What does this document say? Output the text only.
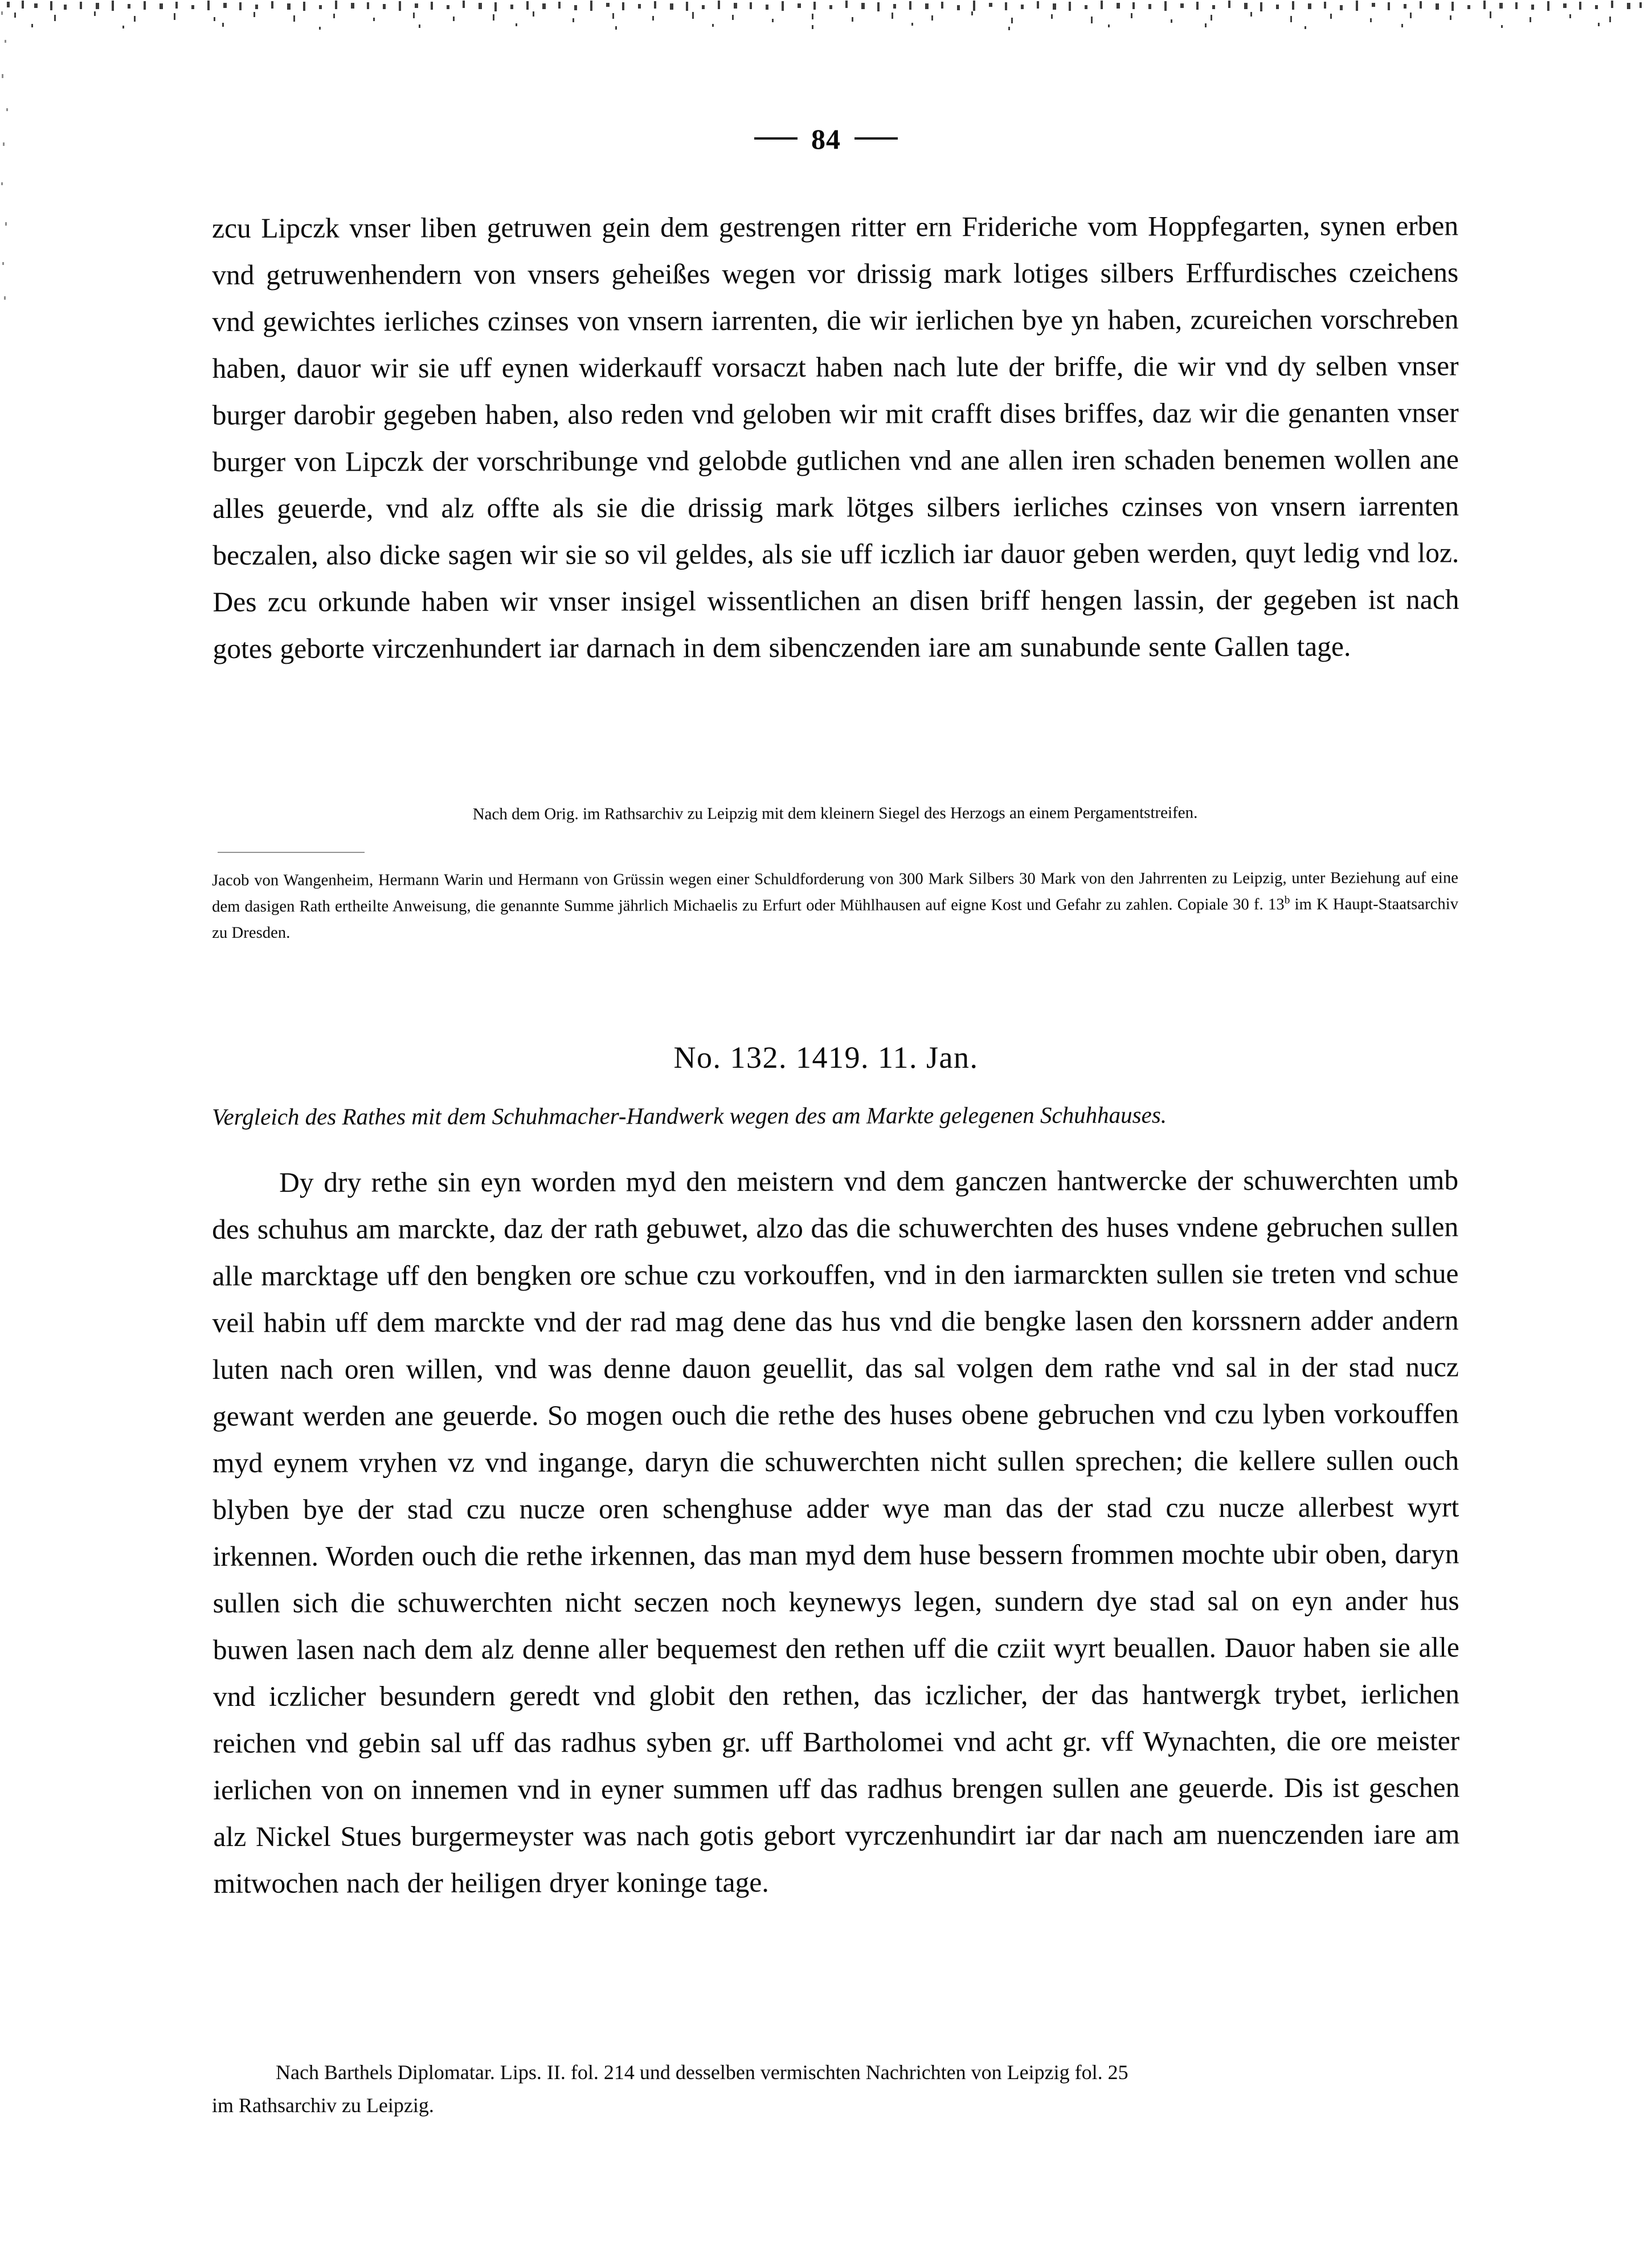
84

zcu Lipczk vnser liben getruwen gein dem gestrengen ritter ern Frideriche vom Hoppfegarten, synen erben vnd getruwenhendern von vnsers geheißes wegen vor drissig mark lotiges silbers Erffurdisches czeichens vnd gewichtes ierliches czinses von vnsern iarrenten, die wir ierlichen bye yn haben, zcureichen vorschreben haben, dauor wir sie uff eynen widerkauff vorsaczt haben nach lute der briffe, die wir vnd dy selben vnser burger darobir gegeben haben, also reden vnd geloben wir mit crafft dises briffes, daz wir die genanten vnser burger von Lipczk der vorschribunge vnd gelobde gutlichen vnd ane allen iren schaden benemen wollen ane alles geuerde, vnd alz offte als sie die drissig mark lötges silbers ierliches czinses von vnsern iarrenten beczalen, also dicke sagen wir sie so vil geldes, als sie uff iczlich iar dauor geben werden, quyt ledig vnd loz. Des zcu orkunde haben wir vnser insigel wissentlichen an disen briff hengen lassin, der gegeben ist nach gotes geborte virczenhundert iar darnach in dem sibenczenden iare am sunabunde sente Gallen tage.

Nach dem Orig. im Rathsarchiv zu Leipzig mit dem kleinern Siegel des Herzogs an einem Pergamentstreifen.
Jacob von Wangenheim, Hermann Warin und Hermann von Grüssin wegen einer Schuldforderung von 300 Mark Silbers 30 Mark von den Jahrrenten zu Leipzig, unter Beziehung auf eine dem dasigen Rath ertheilte Anweisung, die genannte Summe jährlich Michaelis zu Erfurt oder Mühlhausen auf eigne Kost und Gefahr zu zahlen. Copiale 30 f. 13$^b$ im K Haupt-Staatsarchiv zu Dresden.
No. 132. 1419. 11. Jan.
Vergleich des Rathes mit dem Schuhmacher-Handwerk wegen des am Markte gelegenen Schuhhauses.

Dy dry rethe sin eyn worden myd den meistern vnd dem ganczen hantwercke der schuwerchten umb des schuhus am marckte, daz der rath gebuwet, alzo das die schuwerchten des huses vndene gebruchen sullen alle marcktage uff den bengken ore schue czu vorkouffen, vnd in den iarmarckten sullen sie treten vnd schue veil habin uff dem marckte vnd der rad mag dene das hus vnd die bengke lasen den korssnern adder andern luten nach oren willen, vnd was denne dauon geuellit, das sal volgen dem rathe vnd sal in der stad nucz gewant werden ane geuerde. So mogen ouch die rethe des huses obene gebruchen vnd czu lyben vorkouffen myd eynem vryhen vz vnd ingange, daryn die schuwerchten nicht sullen sprechen; die kellere sullen ouch blyben bye der stad czu nucze oren schenghuse adder wye man das der stad czu nucze allerbest wyrt irkennen. Worden ouch die rethe irkennen, das man myd dem huse bessern frommen mochte ubir oben, daryn sullen sich die schuwerchten nicht seczen noch keynewys legen, sundern dye stad sal on eyn ander hus buwen lasen nach dem alz denne aller bequemest den rethen uff die cziit wyrt beuallen. Dauor haben sie alle vnd iczlicher besundern geredt vnd globit den rethen, das iczlicher, der das hantwergk trybet, ierlichen reichen vnd gebin sal uff das radhus syben gr. uff Bartholomei vnd acht gr. vff Wynachten, die ore meister ierlichen von on innemen vnd in eyner summen uff das radhus brengen sullen ane geuerde. Dis ist geschen alz Nickel Stues burgermeyster was nach gotis gebort vyrczenhundirt iar dar nach am nuenczenden iare am mitwochen nach der heiligen dryer koninge tage.

Nach Barthels Diplomatar. Lips. II. fol. 214 und desselben vermischten Nachrichten von Leipzig fol. 25
im Rathsarchiv zu Leipzig.
